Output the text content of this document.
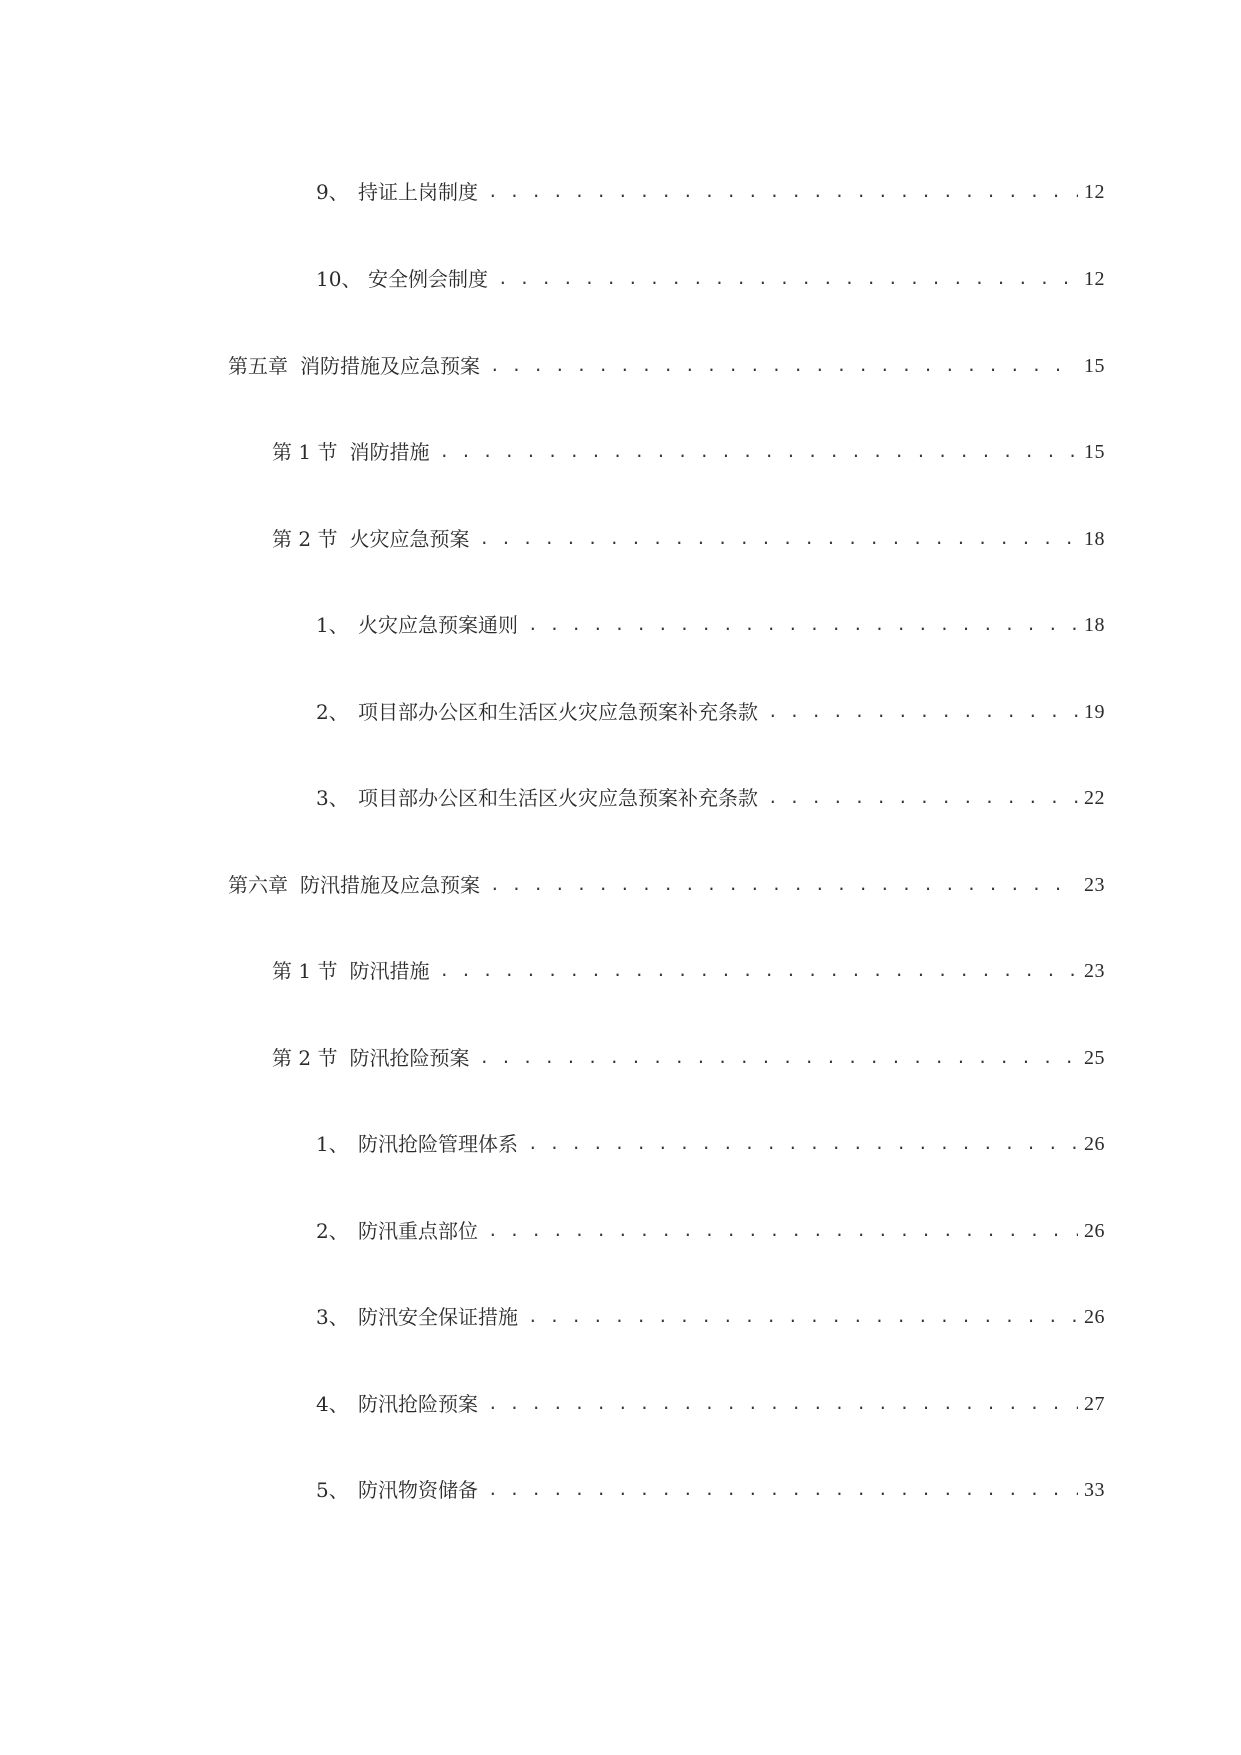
9、 持证上岗制度 . . .	12
10、 安全例会制度 . . .	12
第五章 消防措施及应急预案 . . .	15
第 1 节 消防措施 . . .	15
第 2 节 火灾应急预案 . . .	18
1、 火灾应急预案通则 . . .	18
2、 项目部办公区和生活区火灾应急预案补充条款 . . .	19
3、 项目部办公区和生活区火灾应急预案补充条款 . . .	22
第六章 防汛措施及应急预案 . . .	23
第 1 节 防汛措施 . . .	23
第 2 节 防汛抢险预案 . . .	25
1、 防汛抢险管理体系 . . .	26
2、 防汛重点部位 . . .	26
3、 防汛安全保证措施 . . .	26
4、 防汛抢险预案 . . .	27
5、 防汛物资储备 . . .	33
